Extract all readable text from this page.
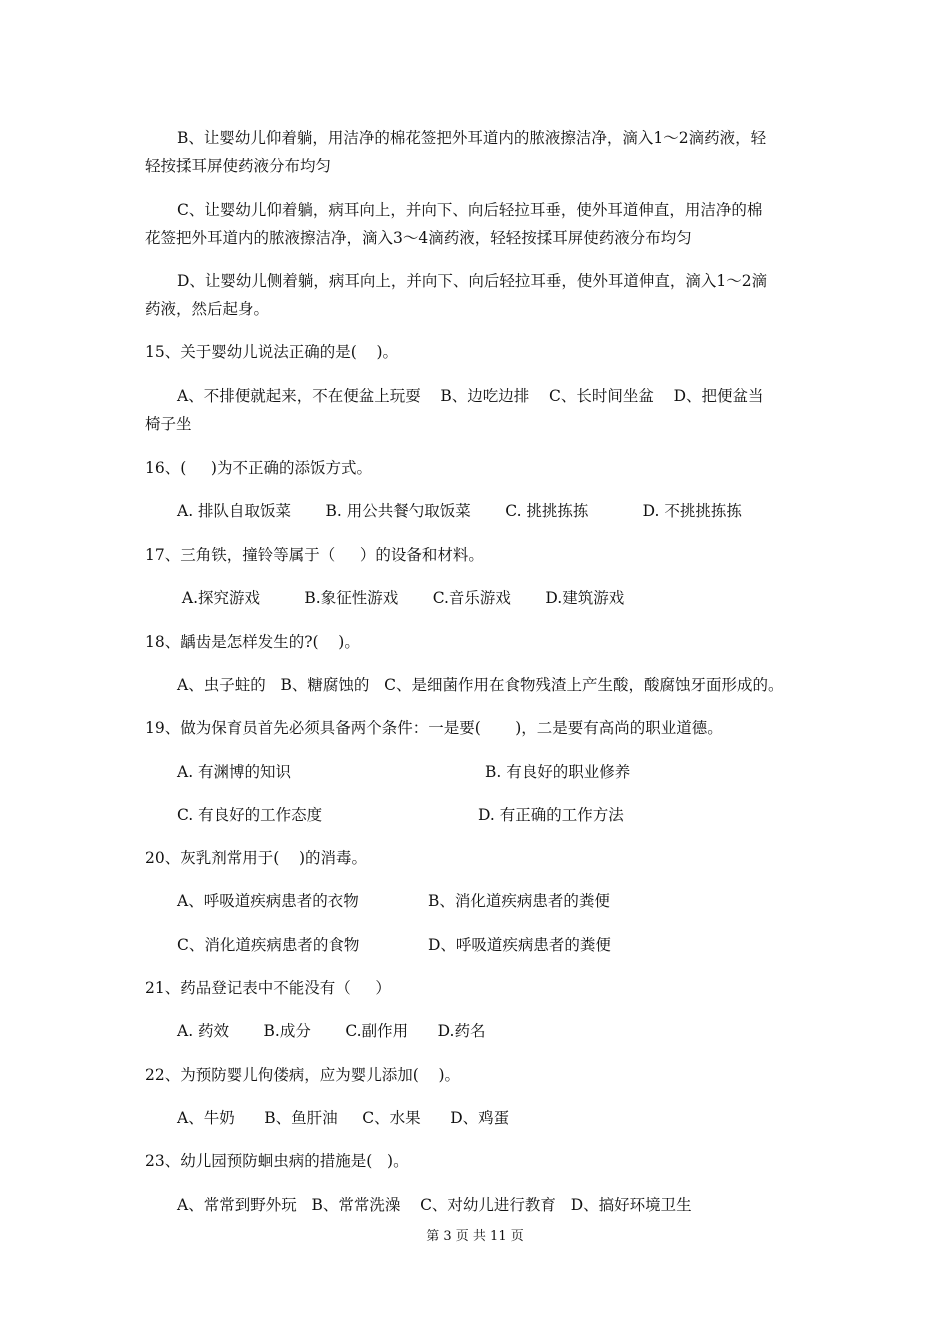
B、让婴幼儿仰着躺，用洁净的棉花签把外耳道内的脓液擦洁净，滴入1～2滴药液，轻
轻按揉耳屏使药液分布均匀
C、让婴幼儿仰着躺，病耳向上，并向下、向后轻拉耳垂，使外耳道伸直，用洁净的棉
花签把外耳道内的脓液擦洁净，滴入3～4滴药液，轻轻按揉耳屏使药液分布均匀
D、让婴幼儿侧着躺，病耳向上，并向下、向后轻拉耳垂，使外耳道伸直，滴入1～2滴
药液，然后起身。
15、关于婴幼儿说法正确的是(    )。
A、不排便就起来，不在便盆上玩耍    B、边吃边排    C、长时间坐盆    D、把便盆当
椅子坐
16、(     )为不正确的添饭方式。
A. 排队自取饭菜       B. 用公共餐勺取饭菜       C. 挑挑拣拣           D. 不挑挑拣拣
17、三角铁，撞铃等属于（     ）的设备和材料。
A.探究游戏         B.象征性游戏       C.音乐游戏       D.建筑游戏
18、龋齿是怎样发生的?(    )。
A、虫子蛀的   B、糖腐蚀的   C、是细菌作用在食物残渣上产生酸，酸腐蚀牙面形成的。
19、做为保育员首先必须具备两个条件：一是要(       )，二是要有高尚的职业道德。
A. 有渊博的知识	B. 有良好的职业修养
C. 有良好的工作态度	D. 有正确的工作方法
20、灰乳剂常用于(    )的消毒。
A、呼吸道疾病患者的衣物	B、消化道疾病患者的粪便
C、消化道疾病患者的食物	D、呼吸道疾病患者的粪便
21、药品登记表中不能没有（     ）
A. 药效       B.成分       C.副作用      D.药名
22、为预防婴儿佝偻病，应为婴儿添加(    )。
A、牛奶      B、鱼肝油     C、水果      D、鸡蛋
23、幼儿园预防蛔虫病的措施是(   )。
A、常常到野外玩   B、常常洗澡    C、对幼儿进行教育   D、搞好环境卫生
第 3 页 共 11 页
